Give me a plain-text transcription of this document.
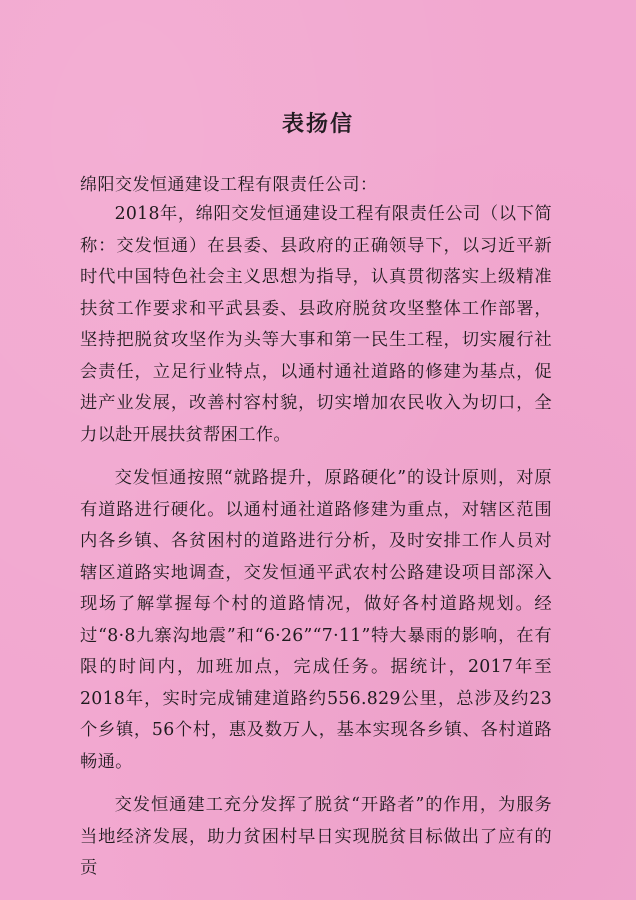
表扬信
绵阳交发恒通建设工程有限责任公司：

2018年，绵阳交发恒通建设工程有限责任公司（以下简称：交发恒通）在县委、县政府的正确领导下，以习近平新时代中国特色社会主义思想为指导，认真贯彻落实上级精准扶贫工作要求和平武县委、县政府脱贫攻坚整体工作部署，坚持把脱贫攻坚作为头等大事和第一民生工程，切实履行社会责任，立足行业特点，以通村通社道路的修建为基点，促进产业发展，改善村容村貌，切实增加农民收入为切口，全力以赴开展扶贫帮困工作。

交发恒通按照“就路提升，原路硬化”的设计原则，对原有道路进行硬化。以通村通社道路修建为重点，对辖区范围内各乡镇、各贫困村的道路进行分析，及时安排工作人员对辖区道路实地调查，交发恒通平武农村公路建设项目部深入现场了解掌握每个村的道路情况，做好各村道路规划。经过“8·8九寨沟地震”和“6·26”“7·11”特大暴雨的影响，在有限的时间内，加班加点，完成任务。据统计，2017年至2018年，实时完成铺建道路约556.829公里，总涉及约23个乡镇，56个村，惠及数万人，基本实现各乡镇、各村道路畅通。

交发恒通建工充分发挥了脱贫“开路者”的作用，为服务当地经济发展，助力贫困村早日实现脱贫目标做出了应有的贡
